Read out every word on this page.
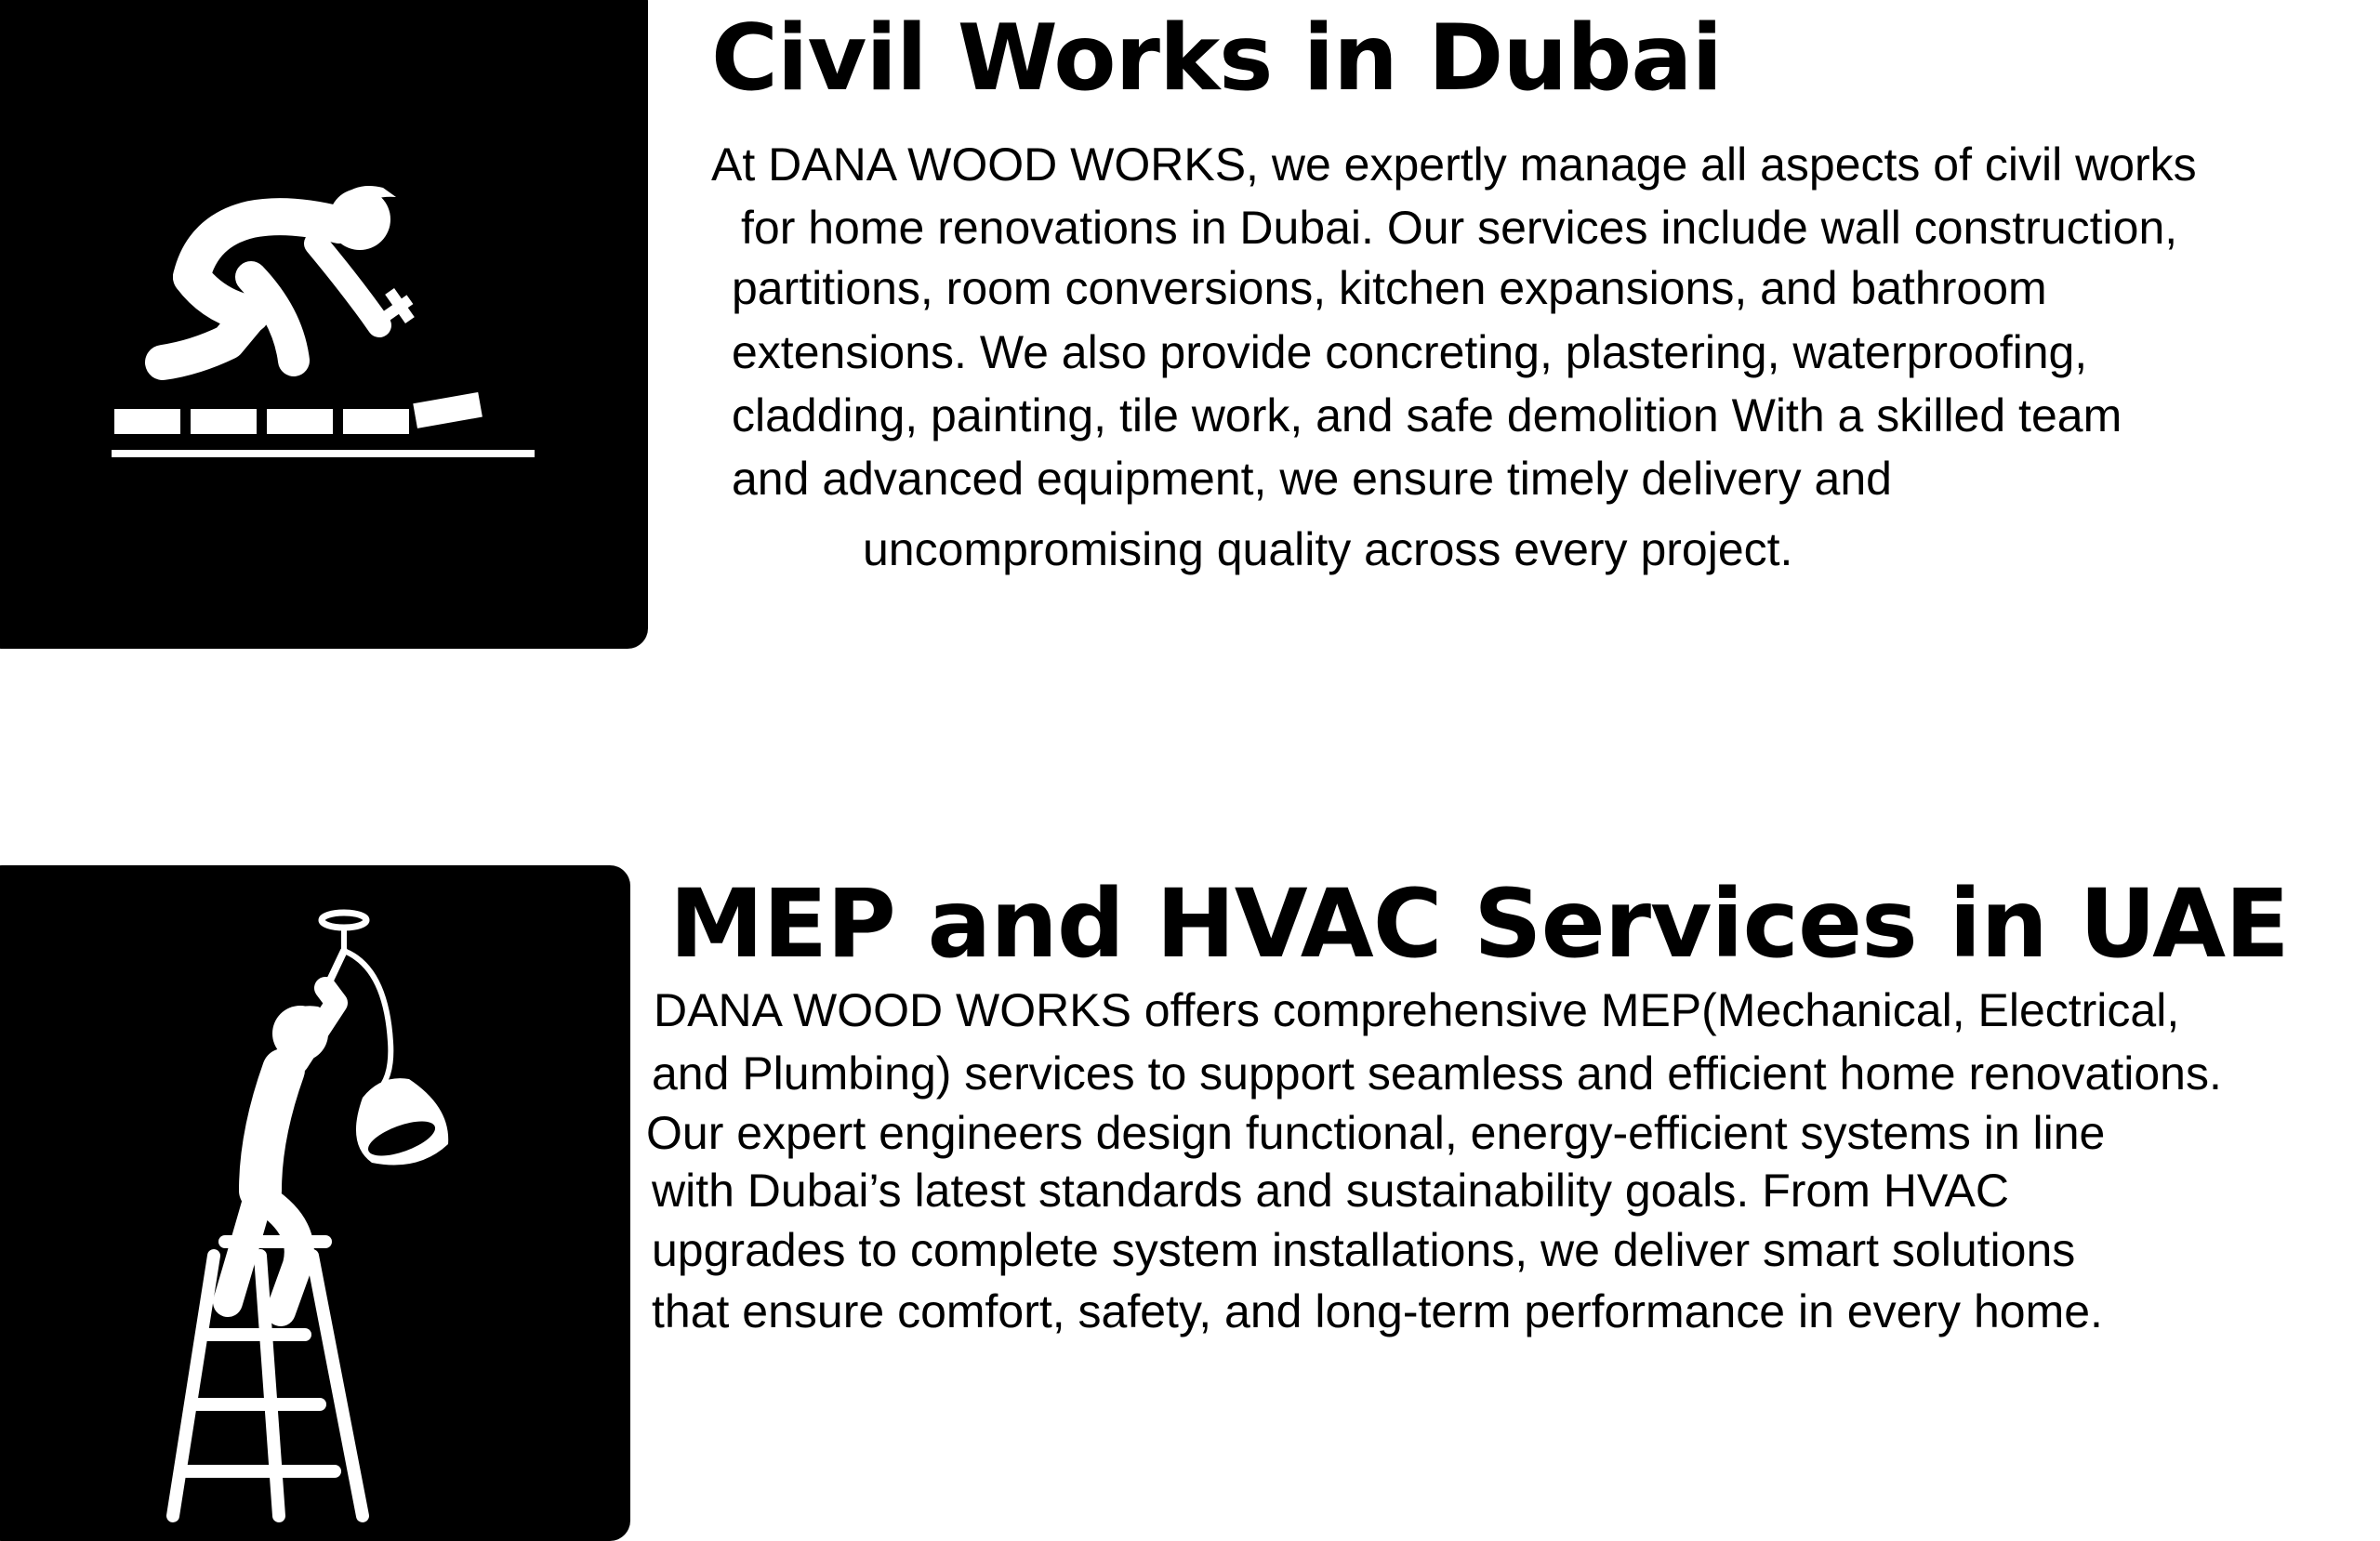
Civil Works in Dubai

At DANA WOOD WORKS, we expertly manage all aspects of civil works

for home renovations in Dubai. Our services include wall construction,

partitions, room conversions, kitchen expansions, and bathroom

extensions. We also provide concreting, plastering, waterproofing,

cladding, painting, tile work, and safe demolition With a skilled team

and advanced equipment, we ensure timely delivery and

uncompromising quality across every project.

MEP and HVAC Services in UAE

DANA WOOD WORKS offers comprehensive MEP(Mechanical, Electrical,

and Plumbing) services to support seamless and efficient home renovations.

Our expert engineers design functional, energy-efficient systems in line

with Dubai’s latest standards and sustainability goals. From HVAC

upgrades to complete system installations, we deliver smart solutions

that ensure comfort, safety, and long-term performance in every home.
